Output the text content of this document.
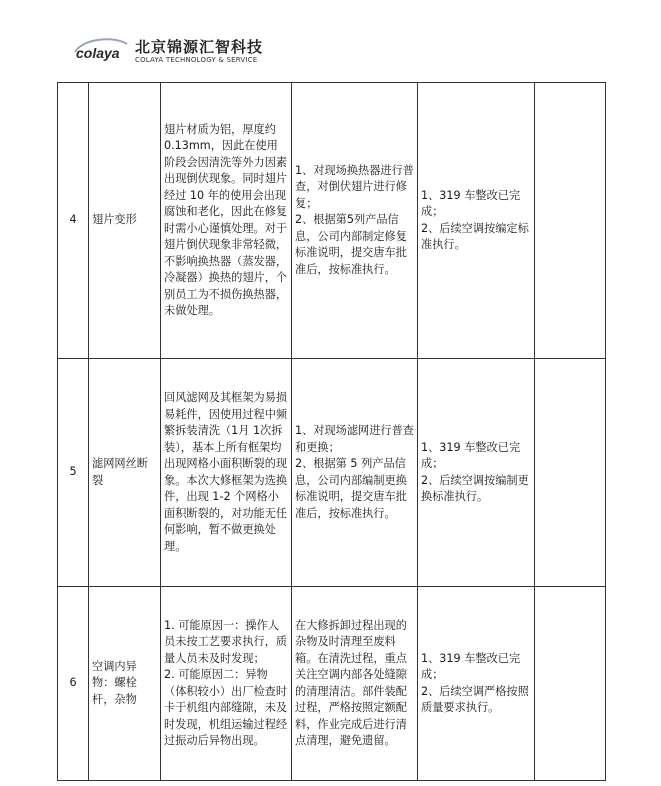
colaya 北京锦源汇智科技
COLAYA TECHNOLOGY & SERVICE
4	翅片变形	翅片材质为铝，厚度约 0.13mm，因此在使用阶段会因清洗等外力因素出现倒伏现象。同时翅片经过 10 年的使用会出现腐蚀和老化，因此在修复时需小心谨慎处理。对于翅片倒伏现象非常轻微，不影响换热器（蒸发器，冷凝器）换热的翅片，个别员工为不损伤换热器，未做处理。	1、对现场换热器进行普查，对倒伏翅片进行修复；
2、根据第5列产品信息，公司内部制定修复标准说明，提交唐车批准后，按标准执行。	1、319 车整改已完成；
2、后续空调按编定标准执行。	
5	滤网网丝断裂	回风滤网及其框架为易损易耗件，因使用过程中频繁拆装清洗（1月 1次拆装），基本上所有框架均出现网格小面积断裂的现象。本次大修框架为选换件，出现 1-2 个网格小面积断裂的，对功能无任何影响，暂不做更换处理。	1、对现场滤网进行普查和更换；
2、根据第 5 列产品信息，公司内部编制更换标准说明，提交唐车批准后，按标准执行。	1、319 车整改已完成；
2、后续空调按编制更换标准执行。	
6	空调内异物：螺栓杆，杂物	1. 可能原因一：操作人员未按工艺要求执行，质量人员未及时发现；
2. 可能原因二：异物（体积较小）出厂检查时卡于机组内部缝隙，未及时发现，机组运输过程经过振动后异物出现。	在大修拆卸过程出现的杂物及时清理至废料箱。在清洗过程，重点关注空调内部各处缝隙的清理清洁。部件装配过程，严格按照定额配料，作业完成后进行清点清理，避免遗留。	1、319 车整改已完成；
2、后续空调严格按照质量要求执行。	
